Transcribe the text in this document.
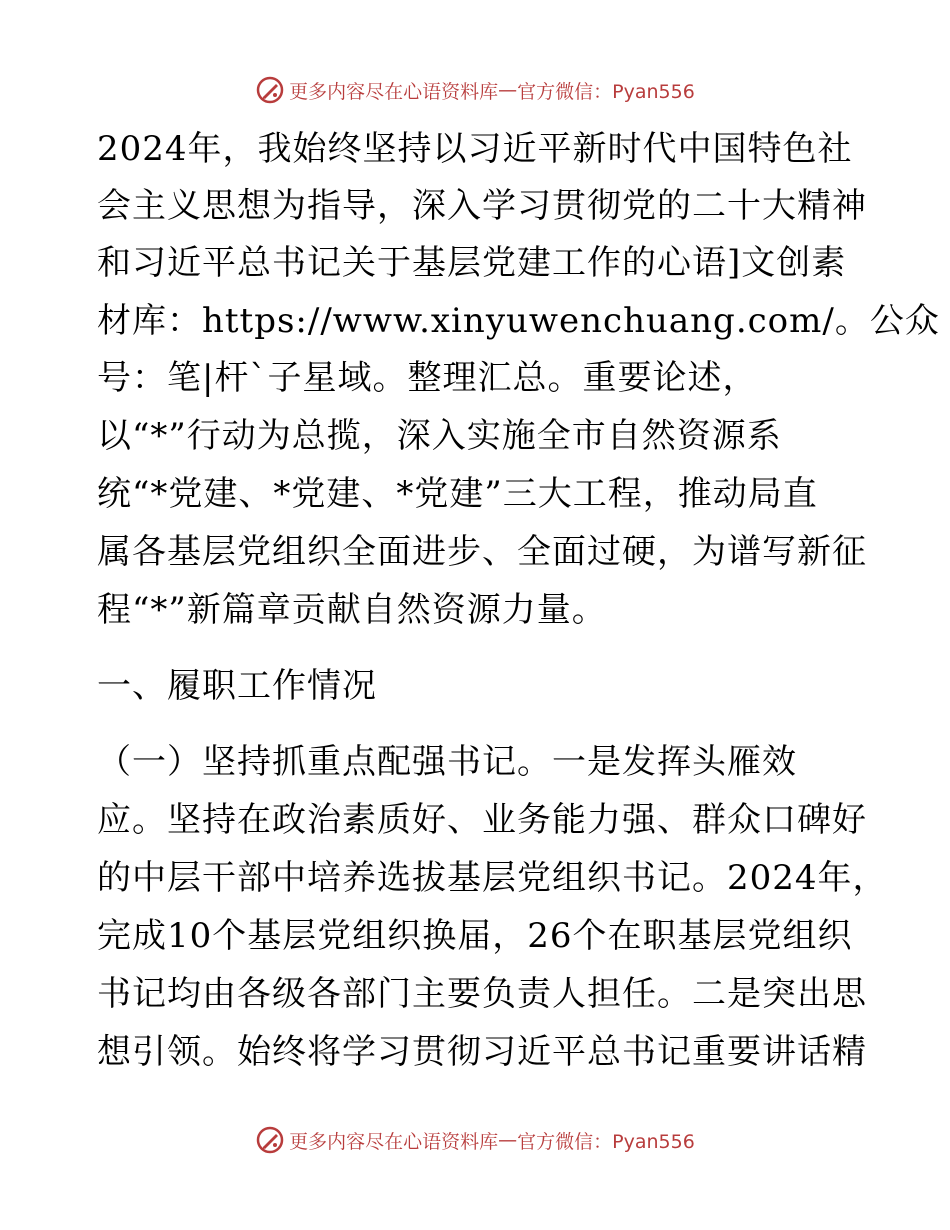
更多内容尽在心语资料库 — 官方微信：Pyan556
2024年，我始终坚持以习近平新时代中国特色社
会主义思想为指导，深入学习贯彻党的二十大精神
和习近平总书记关于基层党建工作的心语]文创素
材库：https://www.xinyuwenchuang.com/。公众
号：笔|杆`子星域。整理汇总。重要论述，
以“*”行动为总揽，深入实施全市自然资源系
统“*党建、*党建、*党建”三大工程，推动局直
属各基层党组织全面进步、全面过硬，为谱写新征
程“*”新篇章贡献自然资源力量。
一、履职工作情况
（一）坚持抓重点配强书记。一是发挥头雁效
应。坚持在政治素质好、业务能力强、群众口碑好
的中层干部中培养选拔基层党组织书记。2024年，
完成10个基层党组织换届，26个在职基层党组织
书记均由各级各部门主要负责人担任。二是突出思
想引领。始终将学习贯彻习近平总书记重要讲话精
更多内容尽在心语资料库 — 官方微信：Pyan556
